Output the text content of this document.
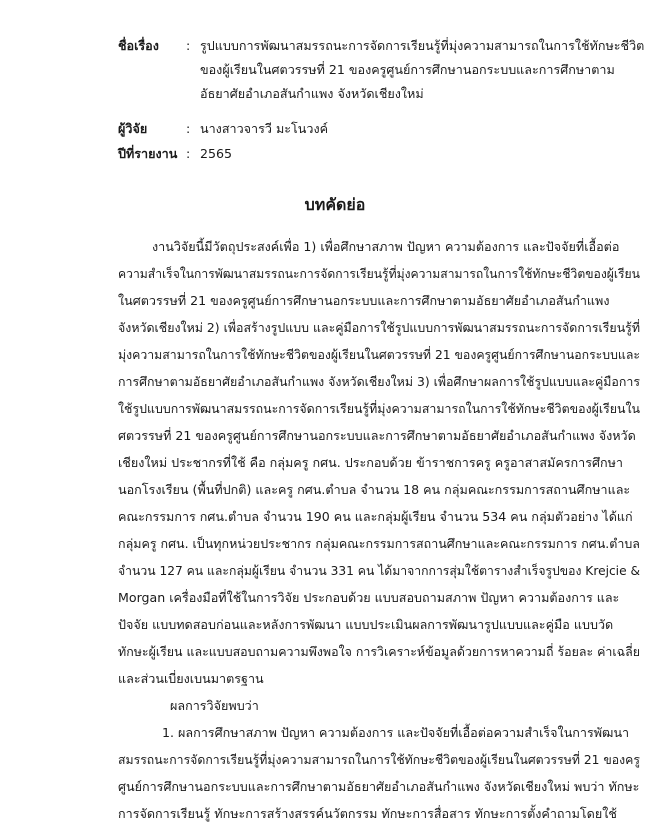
ชื่อเรื่อง : รูปแบบการพัฒนาสมรรถนะการจัดการเรียนรู้ที่มุ่งความสามารถในการใช้ทักษะชีวิต
ของผู้เรียนในศตวรรษที่ 21 ของครูศูนย์การศึกษานอกระบบและการศึกษาตาม
อัธยาศัยอำเภอสันกำแพง จังหวัดเชียงใหม่
ผู้วิจัย	: นางสาวจารวี มะโนวงค์
ปีที่รายงาน : 2565
บทคัดย่อ
งานวิจัยนี้มีวัตถุประสงค์เพื่อ 1) เพื่อศึกษาสภาพ ปัญหา ความต้องการ และปัจจัยที่เอื้อต่อ
ความสำเร็จในการพัฒนาสมรรถนะการจัดการเรียนรู้ที่มุ่งความสามารถในการใช้ทักษะชีวิตของผู้เรียน
ในศตวรรษที่ 21 ของครูศูนย์การศึกษานอกระบบและการศึกษาตามอัธยาศัยอำเภอสันกำแพง
จังหวัดเชียงใหม่ 2) เพื่อสร้างรูปแบบ และคู่มือการใช้รูปแบบการพัฒนาสมรรถนะการจัดการเรียนรู้ที่
มุ่งความสามารถในการใช้ทักษะชีวิตของผู้เรียนในศตวรรษที่ 21 ของครูศูนย์การศึกษานอกระบบและ
การศึกษาตามอัธยาศัยอำเภอสันกำแพง จังหวัดเชียงใหม่ 3) เพื่อศึกษาผลการใช้รูปแบบและคู่มือการ
ใช้รูปแบบการพัฒนาสมรรถนะการจัดการเรียนรู้ที่มุ่งความสามารถในการใช้ทักษะชีวิตของผู้เรียนใน
ศตวรรษที่ 21 ของครูศูนย์การศึกษานอกระบบและการศึกษาตามอัธยาศัยอำเภอสันกำแพง จังหวัด
เชียงใหม่ ประชากรที่ใช้ คือ กลุ่มครู กศน. ประกอบด้วย ข้าราชการครู ครูอาสาสมัครการศึกษา
นอกโรงเรียน (พื้นที่ปกติ) และครู กศน.ตำบล จำนวน 18 คน กลุ่มคณะกรรมการสถานศึกษาและ
คณะกรรมการ กศน.ตำบล จำนวน 190 คน และกลุ่มผู้เรียน จำนวน 534 คน กลุ่มตัวอย่าง ได้แก่
กลุ่มครู กศน. เป็นทุกหน่วยประชากร กลุ่มคณะกรรมการสถานศึกษาและคณะกรรมการ กศน.ตำบล
จำนวน 127 คน และกลุ่มผู้เรียน จำนวน 331 คน ได้มาจากการสุ่มใช้ตารางสำเร็จรูปของ Krejcie &
Morgan เครื่องมือที่ใช้ในการวิจัย ประกอบด้วย แบบสอบถามสภาพ ปัญหา ความต้องการ และ
ปัจจัย แบบทดสอบก่อนและหลังการพัฒนา แบบประเมินผลการพัฒนารูปแบบและคู่มือ แบบวัด
ทักษะผู้เรียน และแบบสอบถามความพึงพอใจ การวิเคราะห์ข้อมูลด้วยการหาความถี่ ร้อยละ ค่าเฉลี่ย
และส่วนเบี่ยงเบนมาตรฐาน
ผลการวิจัยพบว่า
1. ผลการศึกษาสภาพ ปัญหา ความต้องการ และปัจจัยที่เอื้อต่อความสำเร็จในการพัฒนา
สมรรถนะการจัดการเรียนรู้ที่มุ่งความสามารถในการใช้ทักษะชีวิตของผู้เรียนในศตวรรษที่ 21 ของครู
ศูนย์การศึกษานอกระบบและการศึกษาตามอัธยาศัยอำเภอสันกำแพง จังหวัดเชียงใหม่ พบว่า ทักษะ
การจัดการเรียนรู้ ทักษะการสร้างสรรค์นวัตกรรม ทักษะการสื่อสาร ทักษะการตั้งคำถามโดยใช้
